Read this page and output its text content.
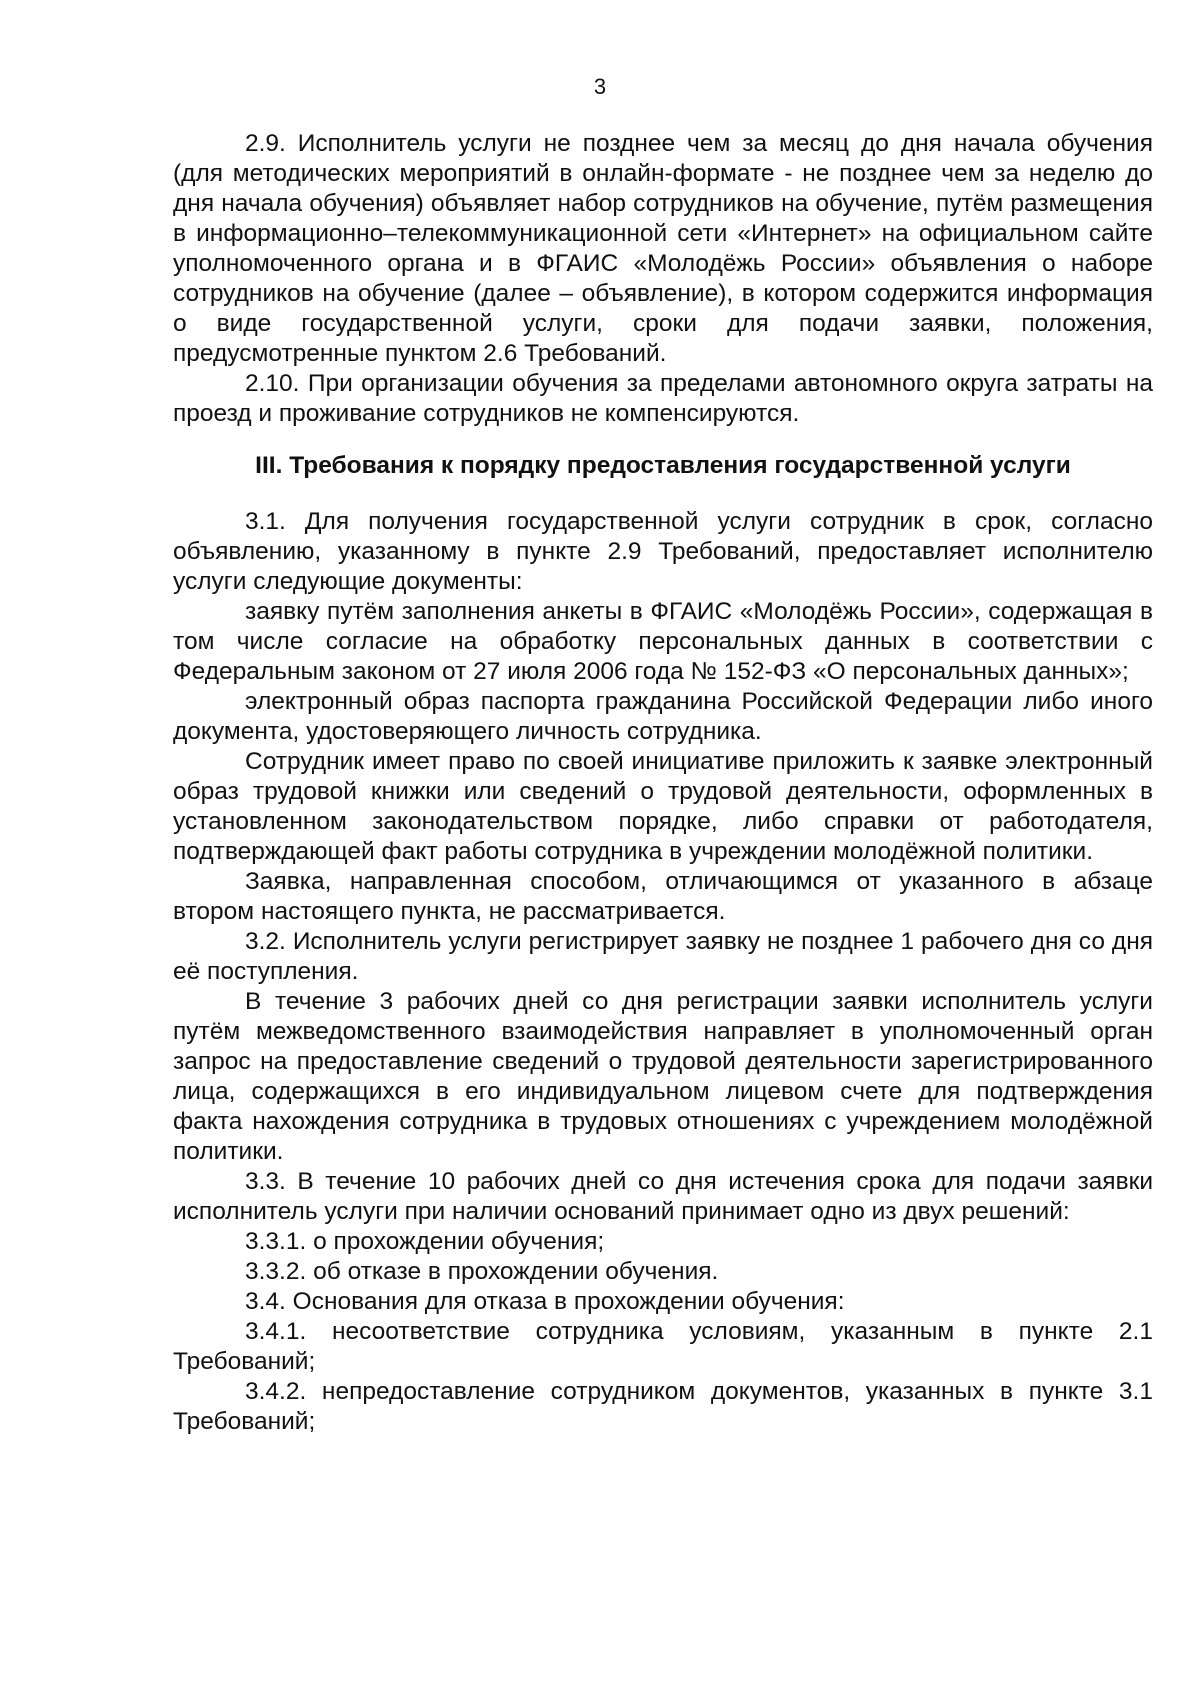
3

2.9. Исполнитель услуги не позднее чем за месяц до дня начала обучения (для методических мероприятий в онлайн-формате - не позднее чем за неделю до дня начала обучения) объявляет набор сотрудников на обучение, путём размещения в информационно–телекоммуникационной сети «Интернет» на официальном сайте уполномоченного органа и в ФГАИС «Молодёжь России» объявления о наборе сотрудников на обучение (далее – объявление), в котором содержится информация о виде государственной услуги, сроки для подачи заявки, положения, предусмотренные пунктом 2.6 Требований.

2.10. При организации обучения за пределами автономного округа затраты на проезд и проживание сотрудников не компенсируются.

III. Требования к порядку предоставления государственной услуги

3.1. Для получения государственной услуги сотрудник в срок, согласно объявлению, указанному в пункте 2.9 Требований, предоставляет исполнителю услуги следующие документы:

заявку путём заполнения анкеты в ФГАИС «Молодёжь России», содержащая в том числе согласие на обработку персональных данных в соответствии с Федеральным законом от 27 июля 2006 года № 152-ФЗ «О персональных данных»;

электронный образ паспорта гражданина Российской Федерации либо иного документа, удостоверяющего личность сотрудника.

Сотрудник имеет право по своей инициативе приложить к заявке электронный образ трудовой книжки или сведений о трудовой деятельности, оформленных в установленном законодательством порядке, либо справки от работодателя, подтверждающей факт работы сотрудника в учреждении молодёжной политики.

Заявка, направленная способом, отличающимся от указанного в абзаце втором настоящего пункта, не рассматривается.

3.2. Исполнитель услуги регистрирует заявку не позднее 1 рабочего дня со дня её поступления.

В течение 3 рабочих дней со дня регистрации заявки исполнитель услуги путём межведомственного взаимодействия направляет в уполномоченный орган запрос на предоставление сведений о трудовой деятельности зарегистрированного лица, содержащихся в его индивидуальном лицевом счете для подтверждения факта нахождения сотрудника в трудовых отношениях с учреждением молодёжной политики.

3.3. В течение 10 рабочих дней со дня истечения срока для подачи заявки исполнитель услуги при наличии оснований принимает одно из двух решений:

3.3.1. о прохождении обучения;

3.3.2. об отказе в прохождении обучения.

3.4. Основания для отказа в прохождении обучения:

3.4.1. несоответствие сотрудника условиям, указанным в пункте 2.1 Требований;

3.4.2. непредоставление сотрудником документов, указанных в пункте 3.1 Требований;
